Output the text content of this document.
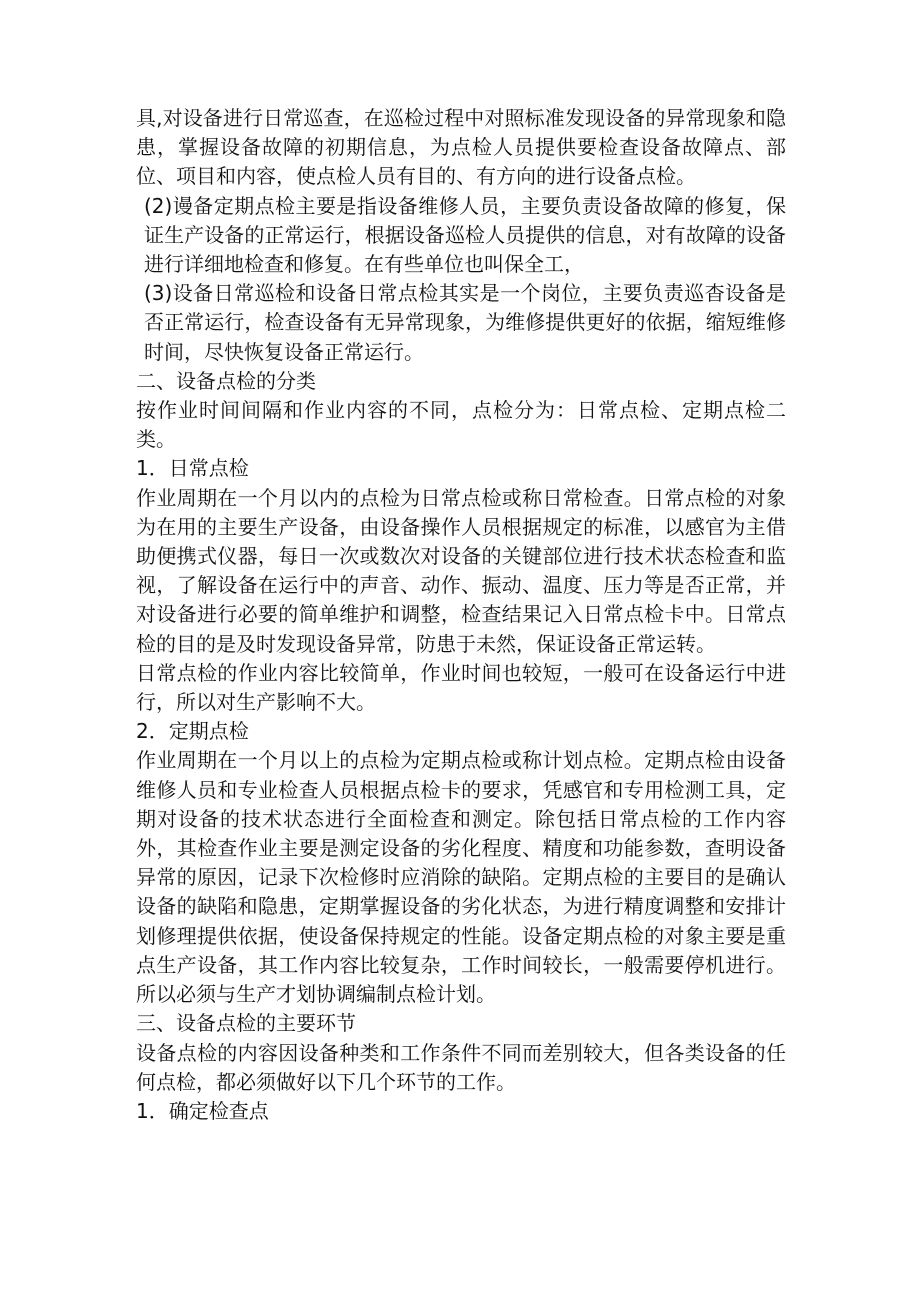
具,对设备进行日常巡查，在巡检过程中对照标准发现设备的异常现象和隐患，掌握设备故障的初期信息，为点检人员提供要检查设备故障点、部位、项目和内容，使点检人员有目的、有方向的进行设备点检。

(2)谩备定期点检主要是指设备维修人员，主要负责设备故障的修复，保证生产设备的正常运行，根据设备巡检人员提供的信息，对有故障的设备进行详细地检查和修复。在有些单位也叫保全工，

(3)设备日常巡检和设备日常点检其实是一个岗位，主要负责巡杳设备是否正常运行，检查设备有无异常现象，为维修提供更好的依据，缩短维修时间，尽快恢复设备正常运行。

二、设备点检的分类

按作业时间间隔和作业内容的不同，点检分为：日常点检、定期点检二类。

1．日常点检

作业周期在一个月以内的点检为日常点检或称日常检查。日常点检的对象为在用的主要生产设备，由设备操作人员根据规定的标准，以感官为主借助便携式仪器，每日一次或数次对设备的关键部位进行技术状态检查和监视，了解设备在运行中的声音、动作、振动、温度、压力等是否正常，并对设备进行必要的简单维护和调整，检查结果记入日常点检卡中。日常点检的目的是及时发现设备异常，防患于未然，保证设备正常运转。

日常点检的作业内容比较简单，作业时间也较短，一般可在设备运行中进行，所以对生产影响不大。

2．定期点检

作业周期在一个月以上的点检为定期点检或称计划点检。定期点检由设备维修人员和专业检查人员根据点检卡的要求，凭感官和专用检测工具，定期对设备的技术状态进行全面检查和测定。除包括日常点检的工作内容外，其检查作业主要是测定设备的劣化程度、精度和功能参数，查明设备异常的原因，记录下次检修时应消除的缺陷。定期点检的主要目的是确认设备的缺陷和隐患，定期掌握设备的劣化状态，为进行精度调整和安排计划修理提供依据，使设备保持规定的性能。设备定期点检的对象主要是重点生产设备，其工作内容比较复杂，工作时间较长，一般需要停机进行。所以必须与生产才划协调编制点检计划。

三、设备点检的主要环节

设备点检的内容因设备种类和工作条件不同而差别较大，但各类设备的任何点检，都必须做好以下几个环节的工作。

1．确定检查点
